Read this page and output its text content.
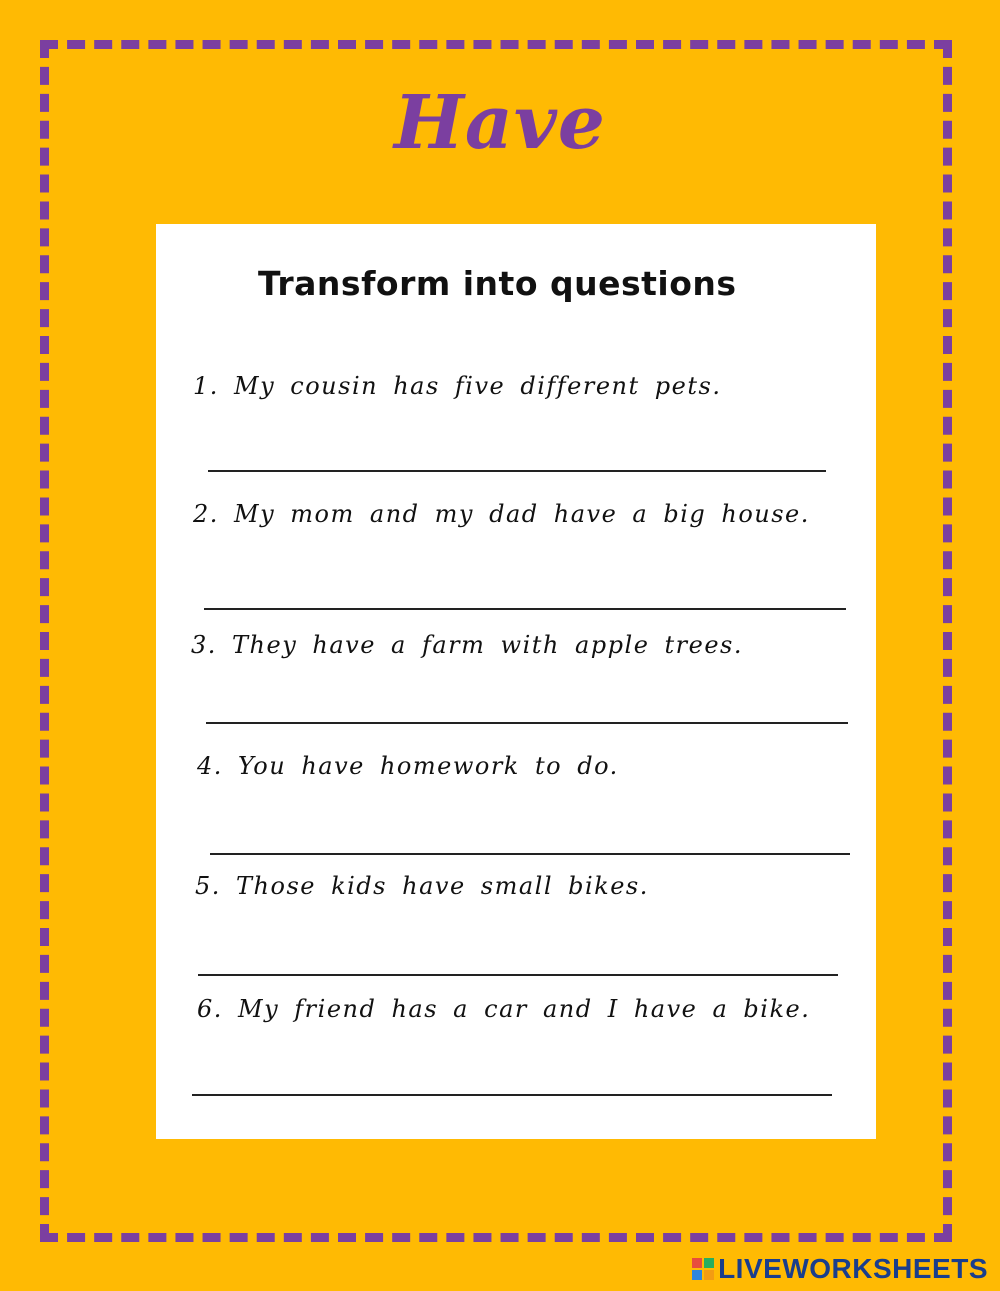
Have
Transform into questions
1. My cousin has five different pets.
2. My mom and my dad have a big house.
3. They have a farm with apple trees.
4. You have homework to do.
5. Those kids have small bikes.
6. My friend has a car and I have a bike.
LIVEWORKSHEETS
